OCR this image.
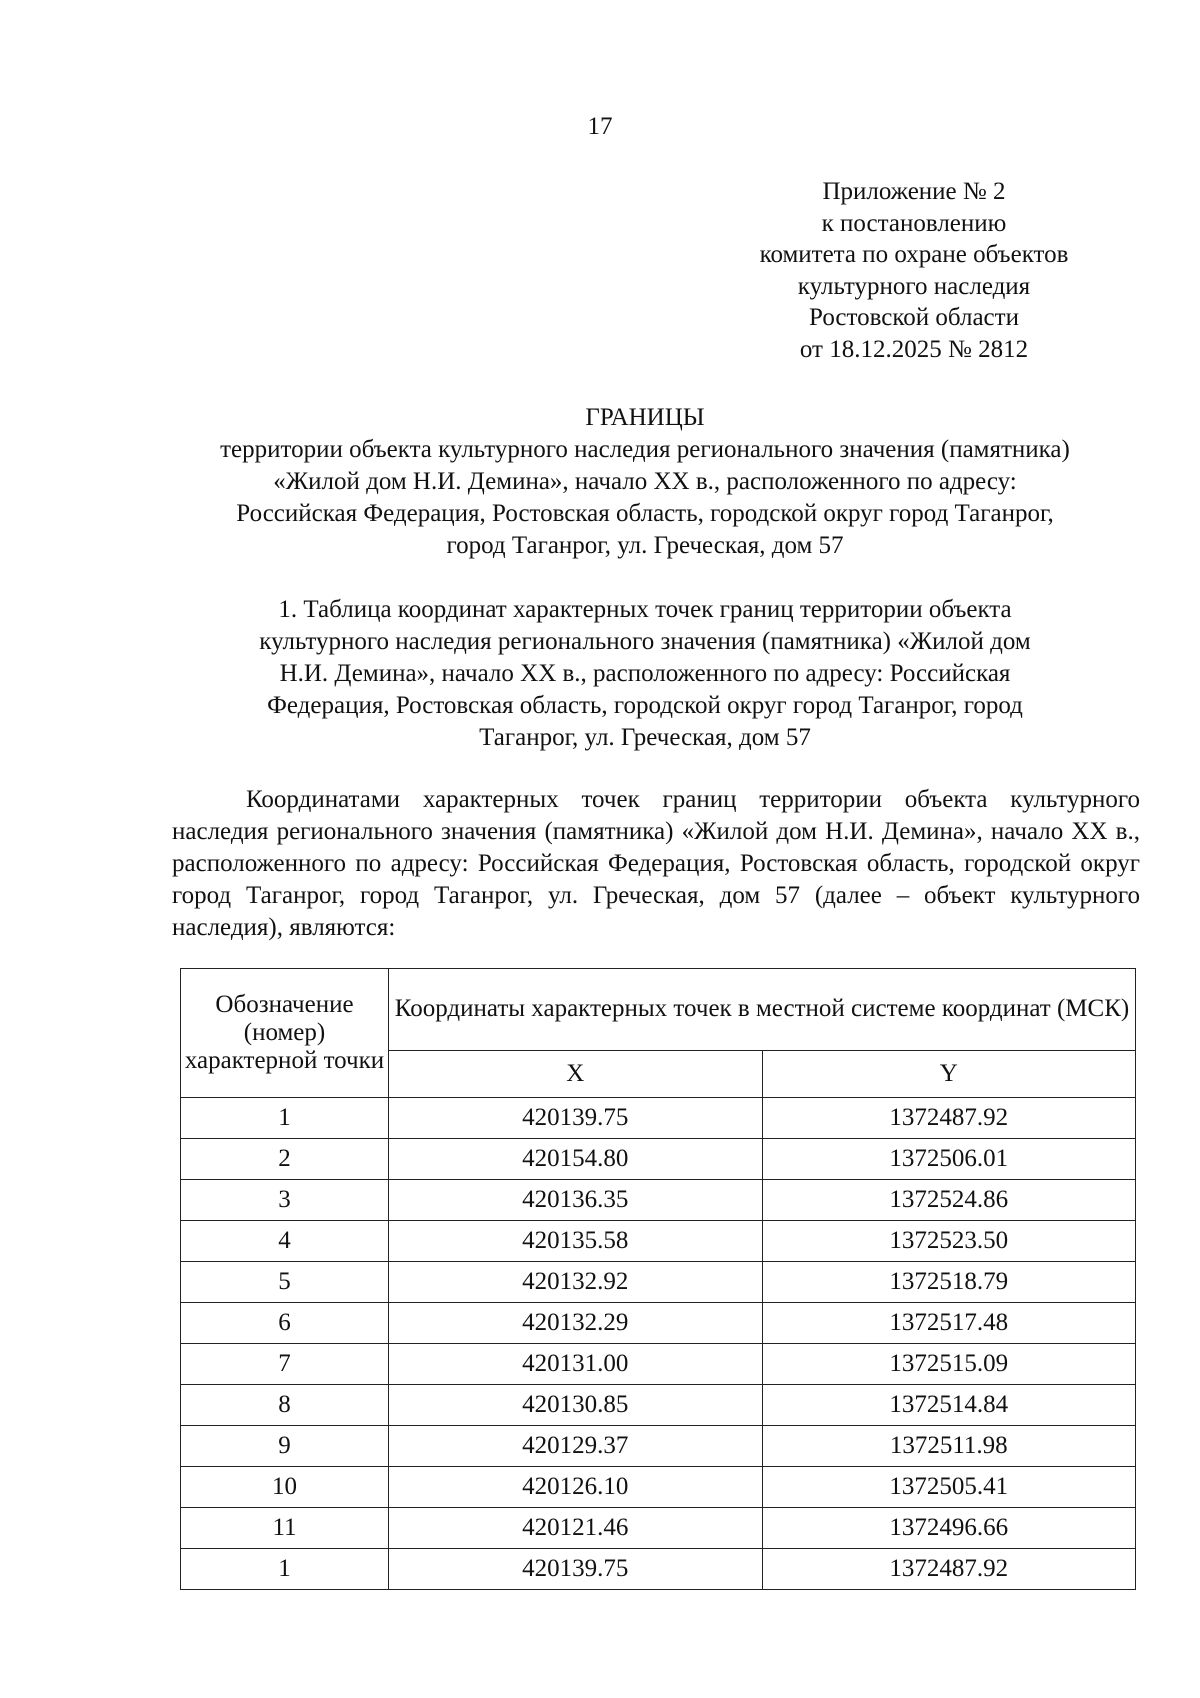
17
Приложение № 2
к постановлению
комитета по охране объектов
культурного наследия
Ростовской области
от 18.12.2025 № 2812
ГРАНИЦЫ
территории объекта культурного наследия регионального значения (памятника)
«Жилой дом Н.И. Демина», начало ХХ в., расположенного по адресу:
Российская Федерация, Ростовская область, городской округ город Таганрог,
город Таганрог, ул. Греческая, дом 57
1. Таблица координат характерных точек границ территории объекта
культурного наследия регионального значения (памятника) «Жилой дом
Н.И. Демина», начало ХХ в., расположенного по адресу: Российская
Федерация, Ростовская область, городской округ город Таганрог, город
Таганрог, ул. Греческая, дом 57
Координатами характерных точек границ территории объекта культурного наследия регионального значения (памятника) «Жилой дом Н.И. Демина», начало ХХ в., расположенного по адресу: Российская Федерация, Ростовская область, городской округ город Таганрог, город Таганрог, ул. Греческая, дом 57 (далее – объект культурного наследия), являются:
Обозначение (номер) характерной точки	Координаты характерных точек в местной системе координат (МСК)	
	X	Y
1	420139.75	1372487.92
2	420154.80	1372506.01
3	420136.35	1372524.86
4	420135.58	1372523.50
5	420132.92	1372518.79
6	420132.29	1372517.48
7	420131.00	1372515.09
8	420130.85	1372514.84
9	420129.37	1372511.98
10	420126.10	1372505.41
11	420121.46	1372496.66
1	420139.75	1372487.92
